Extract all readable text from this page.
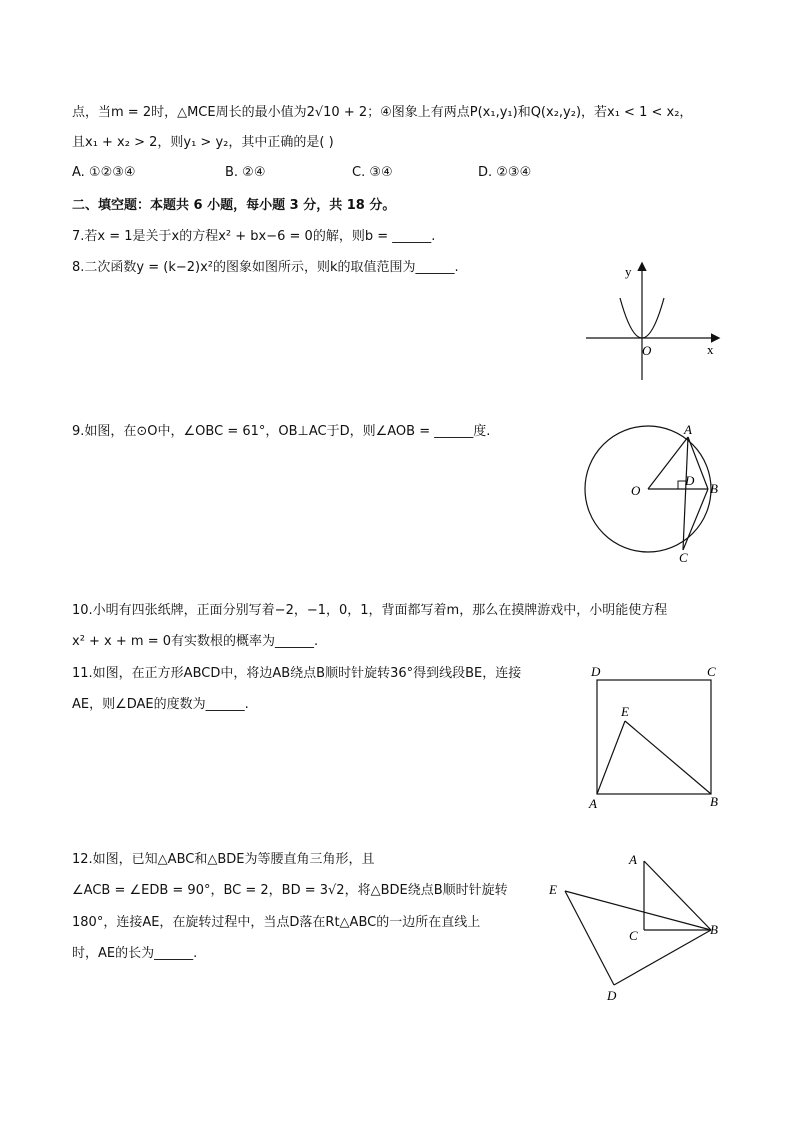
点，当m = 2时，△MCE周长的最小值为2√10 + 2；④图象上有两点P(x₁,y₁)和Q(x₂,y₂)，若x₁ < 1 < x₂，
且x₁ + x₂ > 2，则y₁ > y₂，其中正确的是( )
A. ①②③④	B. ②④	C. ③④	D. ②③④
二、填空题：本题共 6 小题，每小题 3 分，共 18 分。
7.若x = 1是关于x的方程x² + bx−6 = 0的解，则b = ______.
8.二次函数y = (k−2)x²的图象如图所示，则k的取值范围为______.	y
x
O
9.如图，在⊙O中，∠OBC = 61°，OB⊥AC于D，则∠AOB = ______度.	A
B
C
D
O
10.小明有四张纸牌，正面分别写着−2，−1，0，1，背面都写着m，那么在摸牌游戏中，小明能使方程
x² + x + m = 0有实数根的概率为______.
11.如图，在正方形ABCD中，将边AB绕点B顺时针旋转36°得到线段BE，连接
AE，则∠DAE的度数为______.
D	C
A	B
E
12.如图，已知△ABC和△BDE为等腰直角三角形，且
∠ACB = ∠EDB = 90°，BC = 2，BD = 3√2，将△BDE绕点B顺时针旋转
180°，连接AE，在旋转过程中，当点D落在Rt△ABC的一边所在直线上
时，AE的长为______.
A
C	B
E
D
